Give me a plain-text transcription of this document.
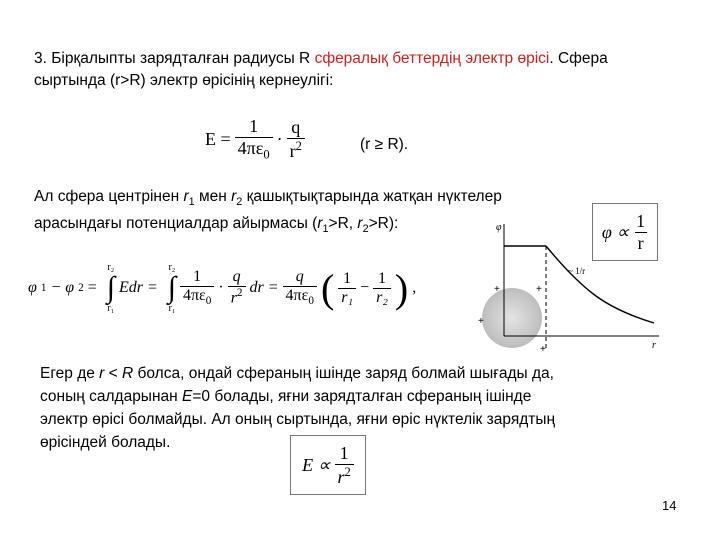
3. Бірқалыпты зарядталған радиусы R сфералық беттердің электр өрісі. Сфера сыртында (r>R) электр өрісінің кернеулігі:
$E = \frac{1}{4\pi\varepsilon_0} \cdot \frac{q}{r^2}$	(r ≥ R).
Ал сфера центрінен $r_1$ мен $r_2$ қашықтықтарында жатқан нүктелер
арасындағы потенциалдар айырмасы ($r_1>R$, $r_2>R$):	$\varphi \propto \frac{1}{r}$
φ 1 − φ 2 =
r₂
∫
r₁
Edr =
r₂
∫
r₁
$\frac{1}{4\pi\varepsilon_0} \cdot \frac{q}{r^2}$ dr = $\frac{q}{4\pi\varepsilon_0}$ ( $\frac{1}{\text{r₁}} - \frac{1}{\text{r₂}}$ ) ,
φ
r
~ 1/r
+	+
+
+
Егер де r < R болса, ондай сфераның ішінде заряд болмай шығады да,
соның салдарынан E=0 болады, яғни зарядталған сфераның ішінде
электр өрісі болмайды. Ал оның сыртында, яғни өріс нүктелік зарядтың
өрісіндей болады.
$E \propto \frac{1}{r^2}$
14
